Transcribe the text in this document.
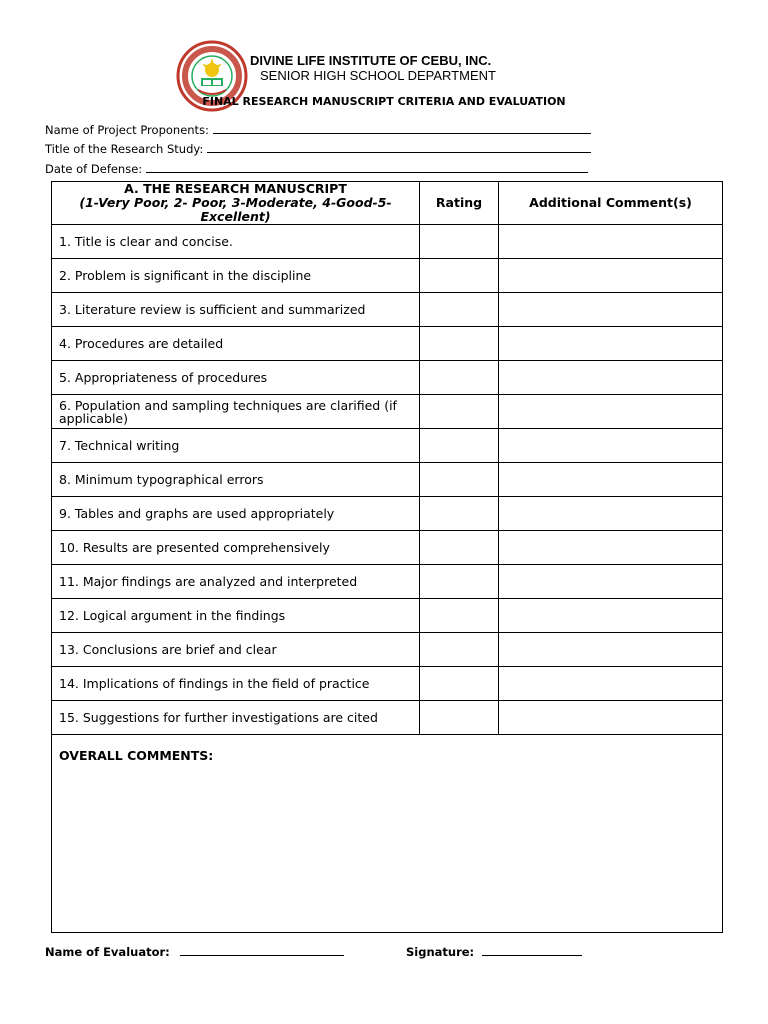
DIVINE LIFE INSTITUTE OF CEBU, INC.
SENIOR HIGH SCHOOL DEPARTMENT
FINAL RESEARCH MANUSCRIPT CRITERIA AND EVALUATION
Name of Project Proponents:
Title of the Research Study:
Date of Defense:
A. THE RESEARCH MANUSCRIPT
(1-Very Poor, 2- Poor, 3-Moderate, 4-Good-5-Excellent)	Rating	Additional Comment(s)
1. Title is clear and concise.		
2. Problem is significant in the discipline		
3. Literature review is sufficient and summarized		
4. Procedures are detailed		
5. Appropriateness of procedures		
6. Population and sampling techniques are clarified (if applicable)		
7. Technical writing		
8. Minimum typographical errors		
9. Tables and graphs are used appropriately		
10. Results are presented comprehensively		
11. Major findings are analyzed and interpreted		
12. Logical argument in the findings		
13. Conclusions are brief and clear		
14. Implications of findings in the field of practice		
15. Suggestions for further investigations are cited		
OVERALL COMMENTS:		
Name of Evaluator:	Signature:
